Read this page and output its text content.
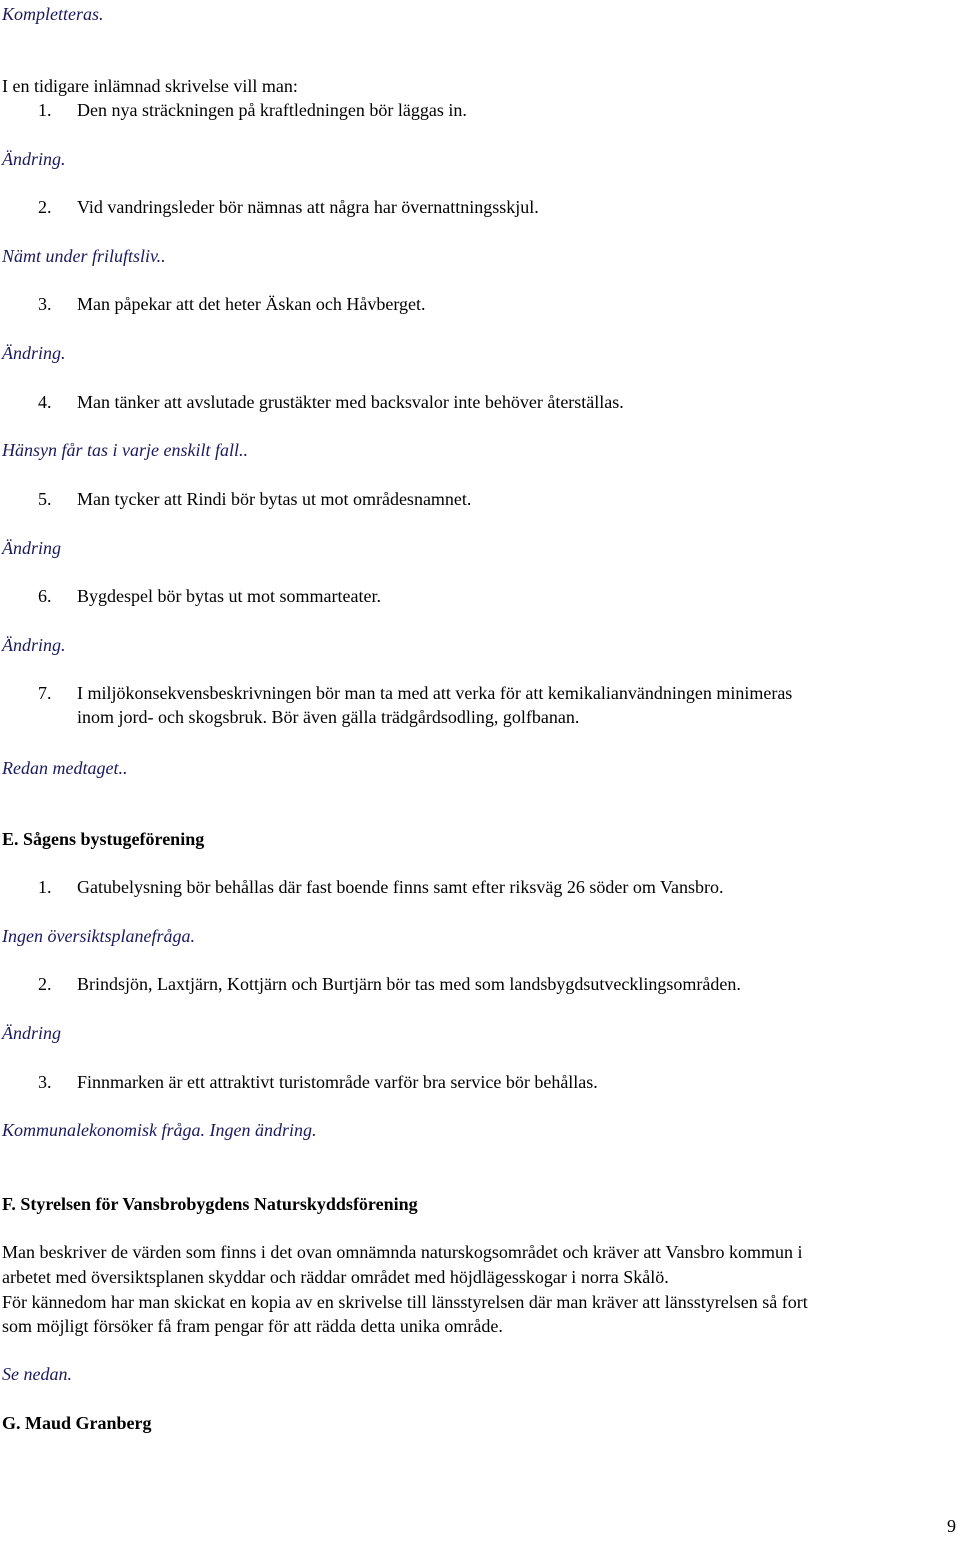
Kompletteras.
I en tidigare inlämnad skrivelse vill man:
1. Den nya sträckningen på kraftledningen bör läggas in.
Ändring.
2. Vid vandringsleder bör nämnas att några har övernattningsskjul.
Nämt under friluftsliv..
3. Man påpekar att det heter Äskan och Håvberget.
Ändring.
4. Man tänker att avslutade grustäkter med backsvalor inte behöver återställas.
Hänsyn får tas i varje enskilt fall..
5. Man tycker att Rindi bör bytas ut mot områdesnamnet.
Ändring
6. Bygdespel bör bytas ut mot sommarteater.
Ändring.
7. I miljökonsekvensbeskrivningen bör man ta med att verka för att kemikalianvändningen minimeras
inom jord- och skogsbruk. Bör även gälla trädgårdsodling, golfbanan.
Redan medtaget..
E. Sågens bystugeförening
1. Gatubelysning bör behållas där fast boende finns samt efter riksväg 26 söder om Vansbro.
Ingen översiktsplanefråga.
2. Brindsjön, Laxtjärn, Kottjärn och Burtjärn bör tas med som landsbygdsutvecklingsområden.
Ändring
3. Finnmarken är ett attraktivt turistområde varför bra service bör behållas.
Kommunalekonomisk fråga. Ingen ändring.
F. Styrelsen för Vansbrobygdens Naturskyddsförening
Man beskriver de värden som finns i det ovan omnämnda naturskogsområdet och kräver att Vansbro kommun i
arbetet med översiktsplanen skyddar och räddar området med höjdlägesskogar i norra Skålö.
För kännedom har man skickat en kopia av en skrivelse till länsstyrelsen där man kräver att länsstyrelsen så fort
som möjligt försöker få fram pengar för att rädda detta unika område.
Se nedan.
G. Maud Granberg
9
